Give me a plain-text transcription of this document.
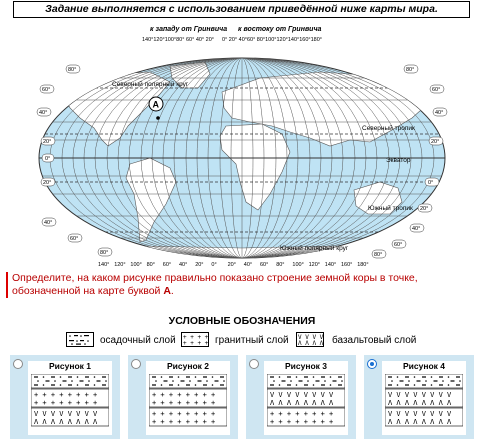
Задание выполняется с использованием приведённой ниже карты мира.
к западу от Гринвича к востоку от Гринвича
140°120°100°80° 60° 40° 20° 0° 20° 40°60° 80°100°120°140°160°180°
Северный полярный круг
Северный тропик
Экватор
Южный тропик
Южный полярный круг
80°
60°
40°
20°
0°
20°
40°
60°
80°
80°
60°
40°
20°
0°
20°
40°
60°
80°
140° 120° 100° 80° 60° 40° 20° 0° 20° 40° 60° 80° 100° 120° 140° 160° 180°
А
Определите, на каком рисунке правильно показано строение земной коры в точке, обозначенной на карте буквой А.
УСЛОВНЫЕ ОБОЗНАЧЕНИЯ
осадочный слой + + + +
+ + + + гранитный слой V V V V
Λ Λ Λ Λ базальтовый слой
Рисунок 1
+ + + + + + + +
+ + + + + + + +
V V V V V V V V
Λ Λ Λ Λ Λ Λ Λ Λ
Рисунок 2
+ + + + + + + +
+ + + + + + + +
+ + + + + + + +
+ + + + + + + +
Рисунок 3
V V V V V V V V
Λ Λ Λ Λ Λ Λ Λ Λ
+ + + + + + + +
+ + + + + + + +
Рисунок 4
V V V V V V V V
Λ Λ Λ Λ Λ Λ Λ Λ
V V V V V V V V
Λ Λ Λ Λ Λ Λ Λ Λ
